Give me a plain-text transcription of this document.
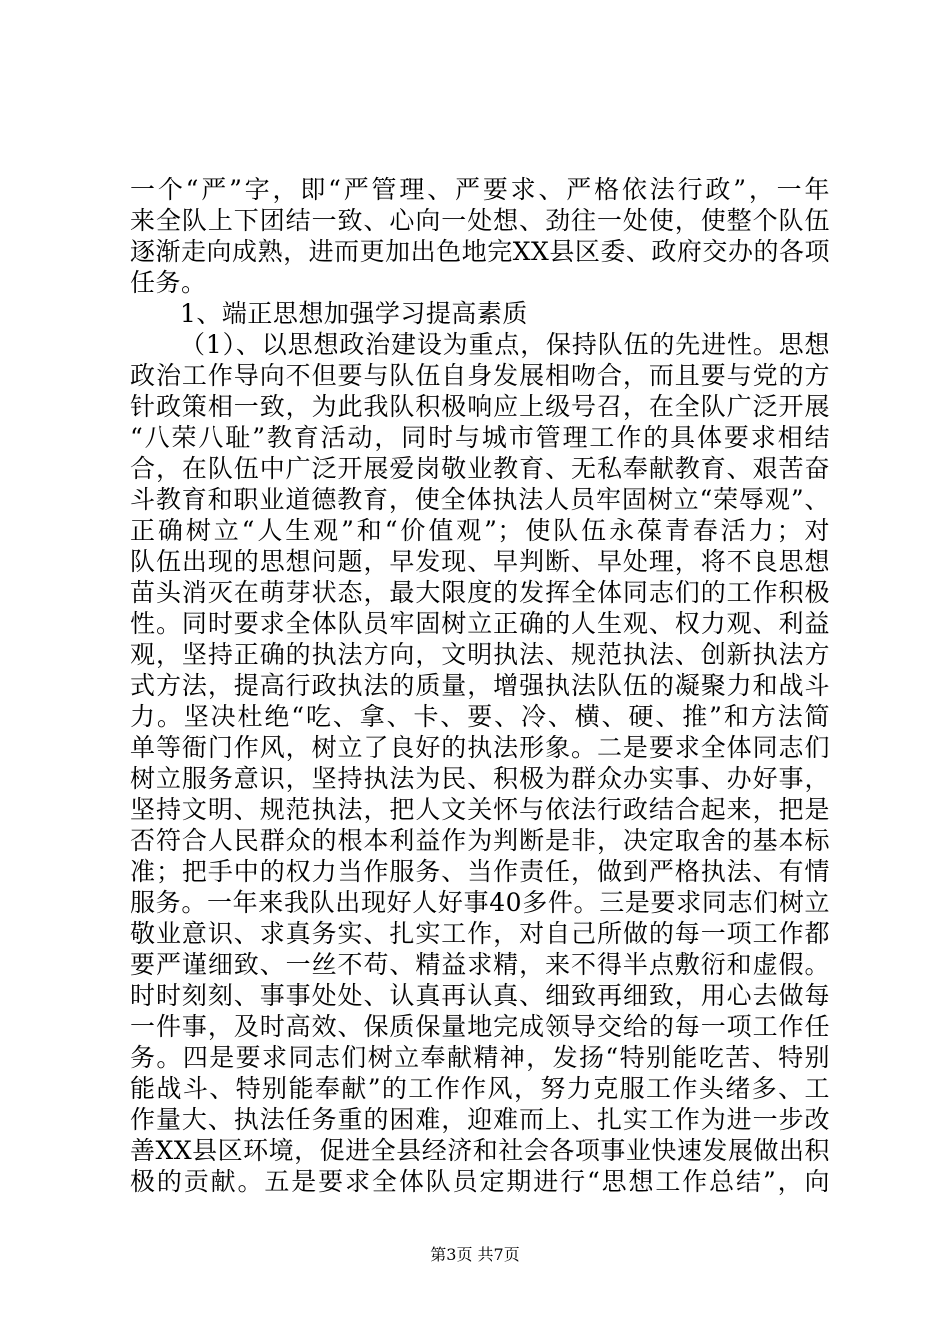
一个“严”字，即“严管理、严要求、严格依法行政”，一年
来全队上下团结一致、心向一处想、劲往一处使，使整个队伍
逐渐走向成熟，进而更加出色地完XX县区委、政府交办的各项
任务。
1、端正思想加强学习提高素质
（1）、以思想政治建设为重点，保持队伍的先进性。思想
政治工作导向不但要与队伍自身发展相吻合，而且要与党的方
针政策相一致，为此我队积极响应上级号召，在全队广泛开展
“八荣八耻”教育活动，同时与城市管理工作的具体要求相结
合，在队伍中广泛开展爱岗敬业教育、无私奉献教育、艰苦奋
斗教育和职业道德教育，使全体执法人员牢固树立“荣辱观”、
正确树立“人生观”和“价值观”；使队伍永葆青春活力；对
队伍出现的思想问题，早发现、早判断、早处理，将不良思想
苗头消灭在萌芽状态，最大限度的发挥全体同志们的工作积极
性。同时要求全体队员牢固树立正确的人生观、权力观、利益
观，坚持正确的执法方向，文明执法、规范执法、创新执法方
式方法，提高行政执法的质量，增强执法队伍的凝聚力和战斗
力。坚决杜绝“吃、拿、卡、要、冷、横、硬、推”和方法简
单等衙门作风，树立了良好的执法形象。二是要求全体同志们
树立服务意识，坚持执法为民、积极为群众办实事、办好事，
坚持文明、规范执法，把人文关怀与依法行政结合起来，把是
否符合人民群众的根本利益作为判断是非，决定取舍的基本标
准；把手中的权力当作服务、当作责任，做到严格执法、有情
服务。一年来我队出现好人好事40多件。三是要求同志们树立
敬业意识、求真务实、扎实工作，对自己所做的每一项工作都
要严谨细致、一丝不苟、精益求精，来不得半点敷衍和虚假。
时时刻刻、事事处处、认真再认真、细致再细致，用心去做每
一件事，及时高效、保质保量地完成领导交给的每一项工作任
务。四是要求同志们树立奉献精神，发扬“特别能吃苦、特别
能战斗、特别能奉献”的工作作风，努力克服工作头绪多、工
作量大、执法任务重的困难，迎难而上、扎实工作为进一步改
善XX县区环境，促进全县经济和社会各项事业快速发展做出积
极的贡献。五是要求全体队员定期进行“思想工作总结”，向
第3页 共7页
